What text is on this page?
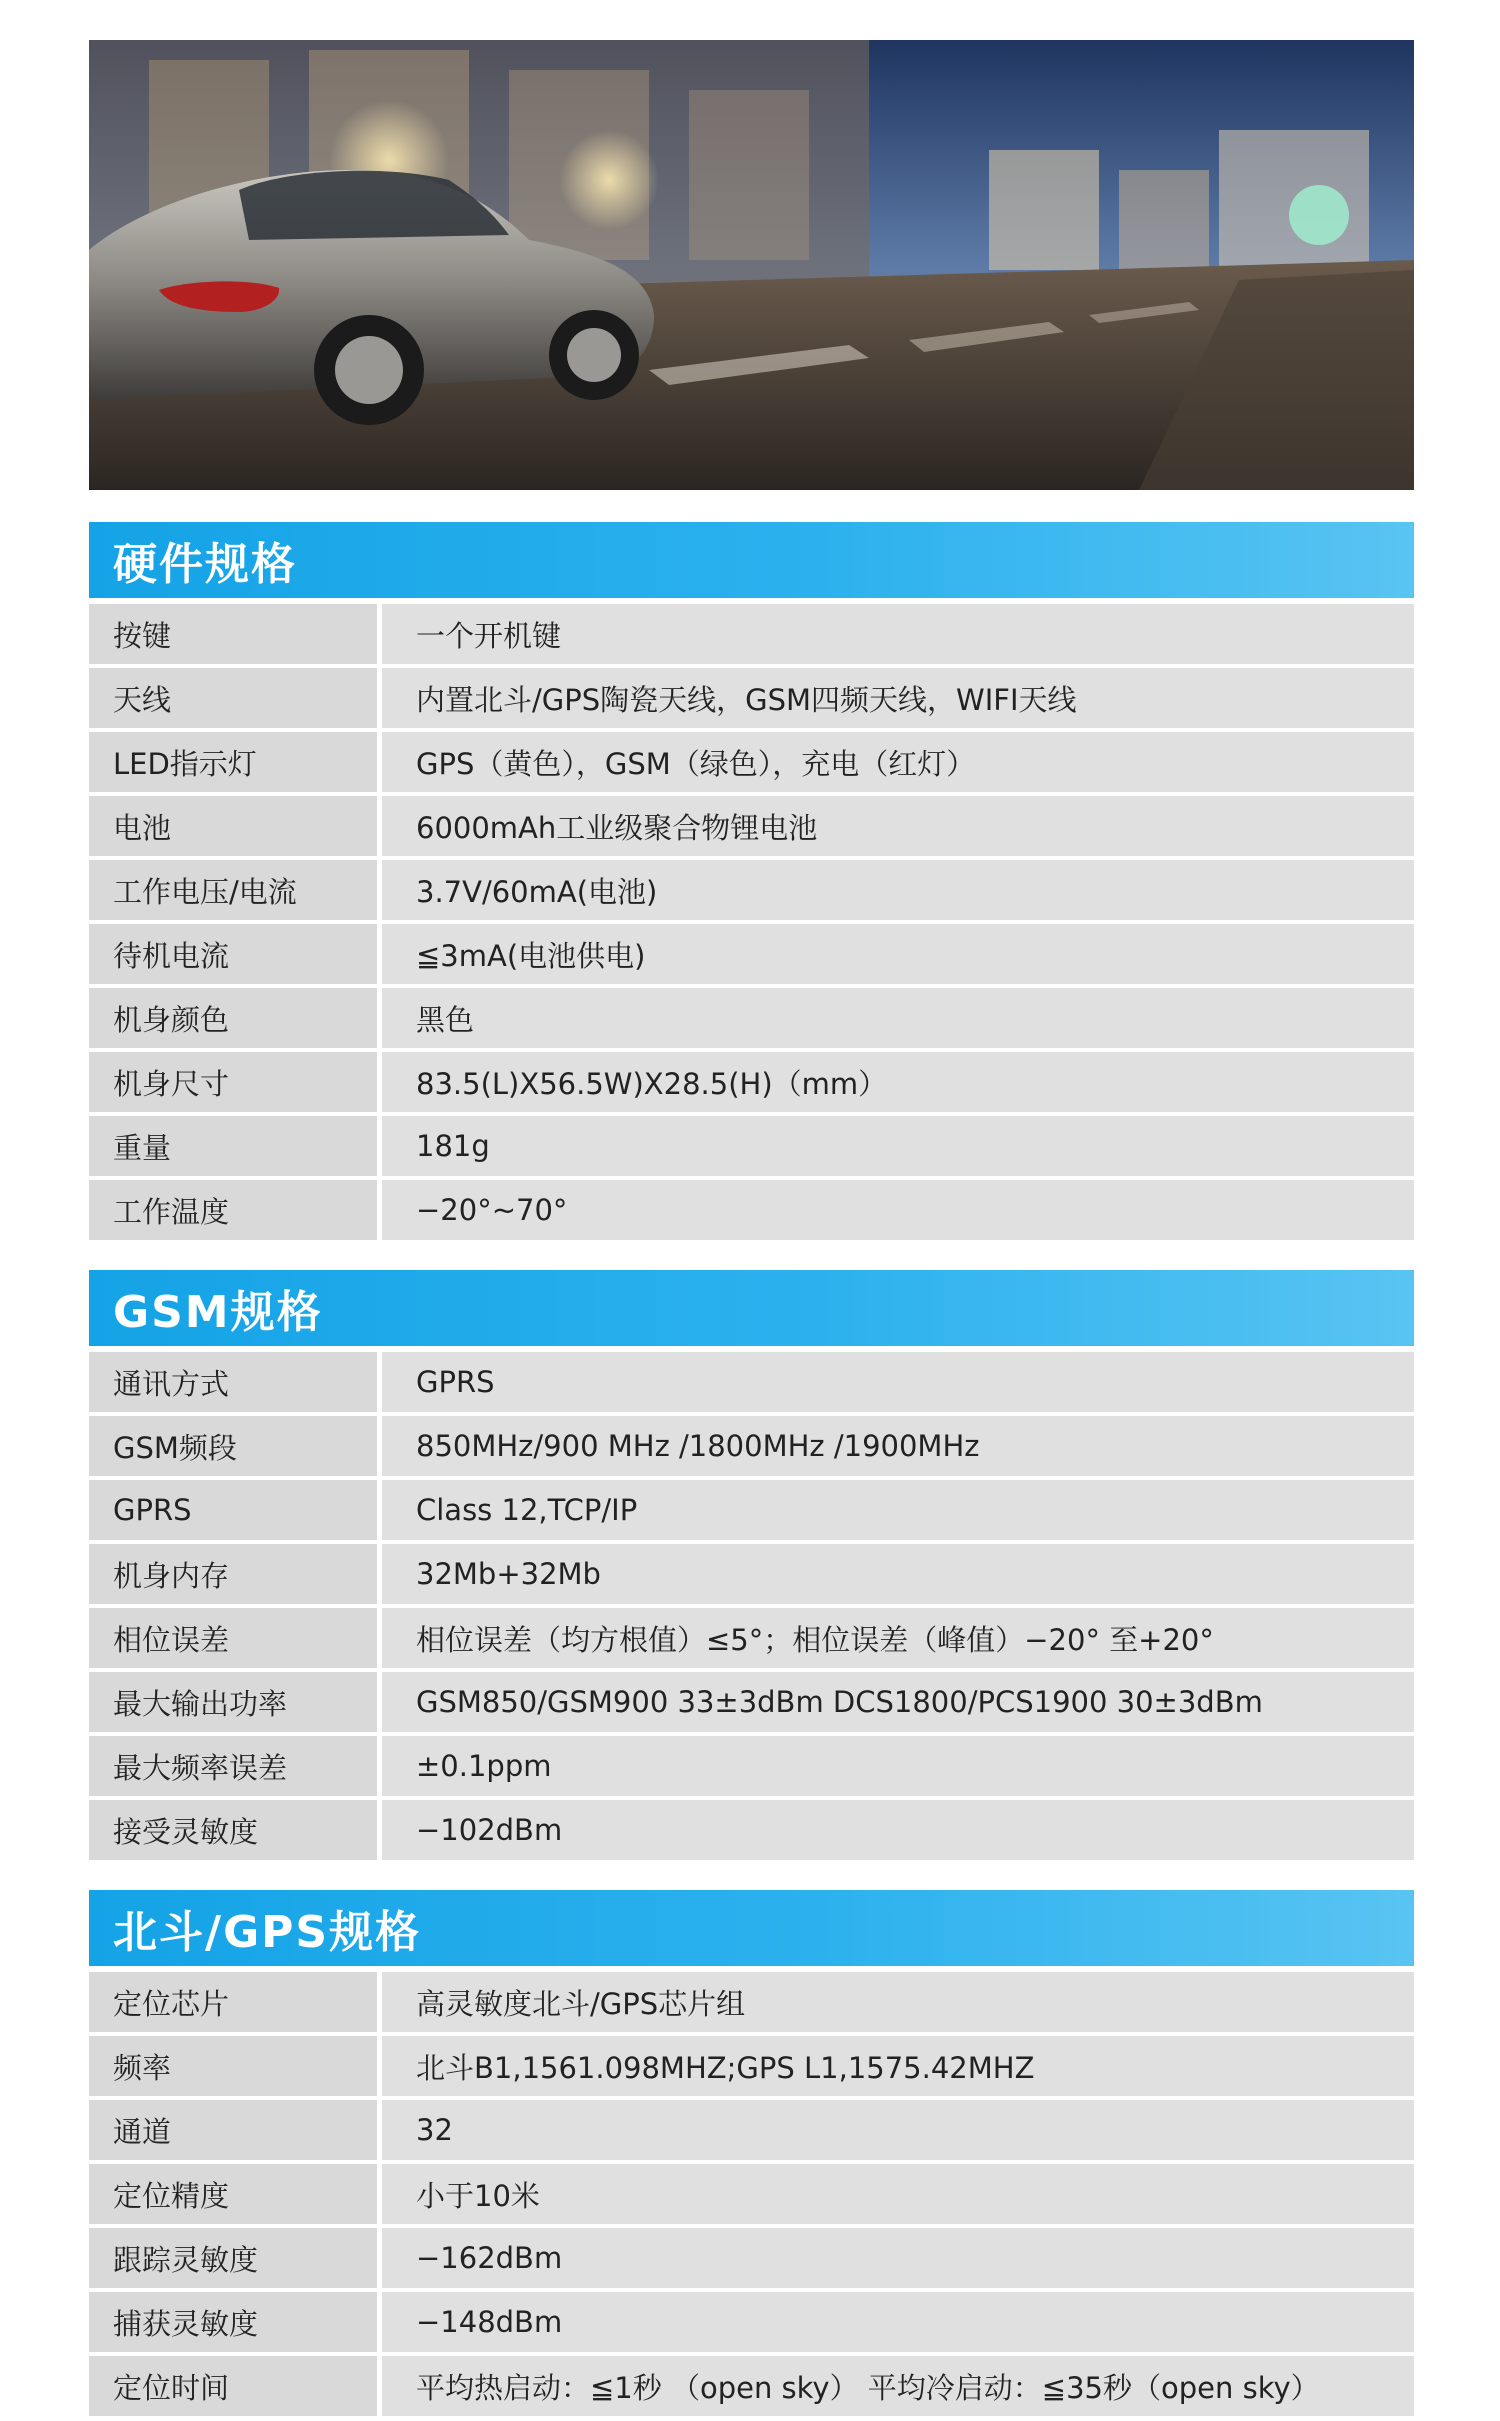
硬件规格
按键	一个开机键
天线	内置北斗/GPS陶瓷天线，GSM四频天线，WIFI天线
LED指示灯	GPS（黄色），GSM（绿色），充电（红灯）
电池	6000mAh工业级聚合物锂电池
工作电压/电流	3.7V/60mA(电池)
待机电流	≦3mA(电池供电)
机身颜色	黑色
机身尺寸	83.5(L)X56.5W)X28.5(H)（mm）
重量	181g
工作温度	−20°~70°
GSM规格
通讯方式	GPRS
GSM频段	850MHz/900 MHz /1800MHz /1900MHz
GPRS	Class 12,TCP/IP
机身内存	32Mb+32Mb
相位误差	相位误差（均方根值）≤5°；相位误差（峰值）−20° 至+20°
最大输出功率	GSM850/GSM900 33±3dBm DCS1800/PCS1900 30±3dBm
最大频率误差	±0.1ppm
接受灵敏度	−102dBm
北斗/GPS规格
定位芯片	高灵敏度北斗/GPS芯片组
频率	北斗B1,1561.098MHZ;GPS L1,1575.42MHZ
通道	32
定位精度	小于10米
跟踪灵敏度	−162dBm
捕获灵敏度	−148dBm
定位时间	平均热启动：≦1秒 （open sky） 平均冷启动：≦35秒（open sky）
